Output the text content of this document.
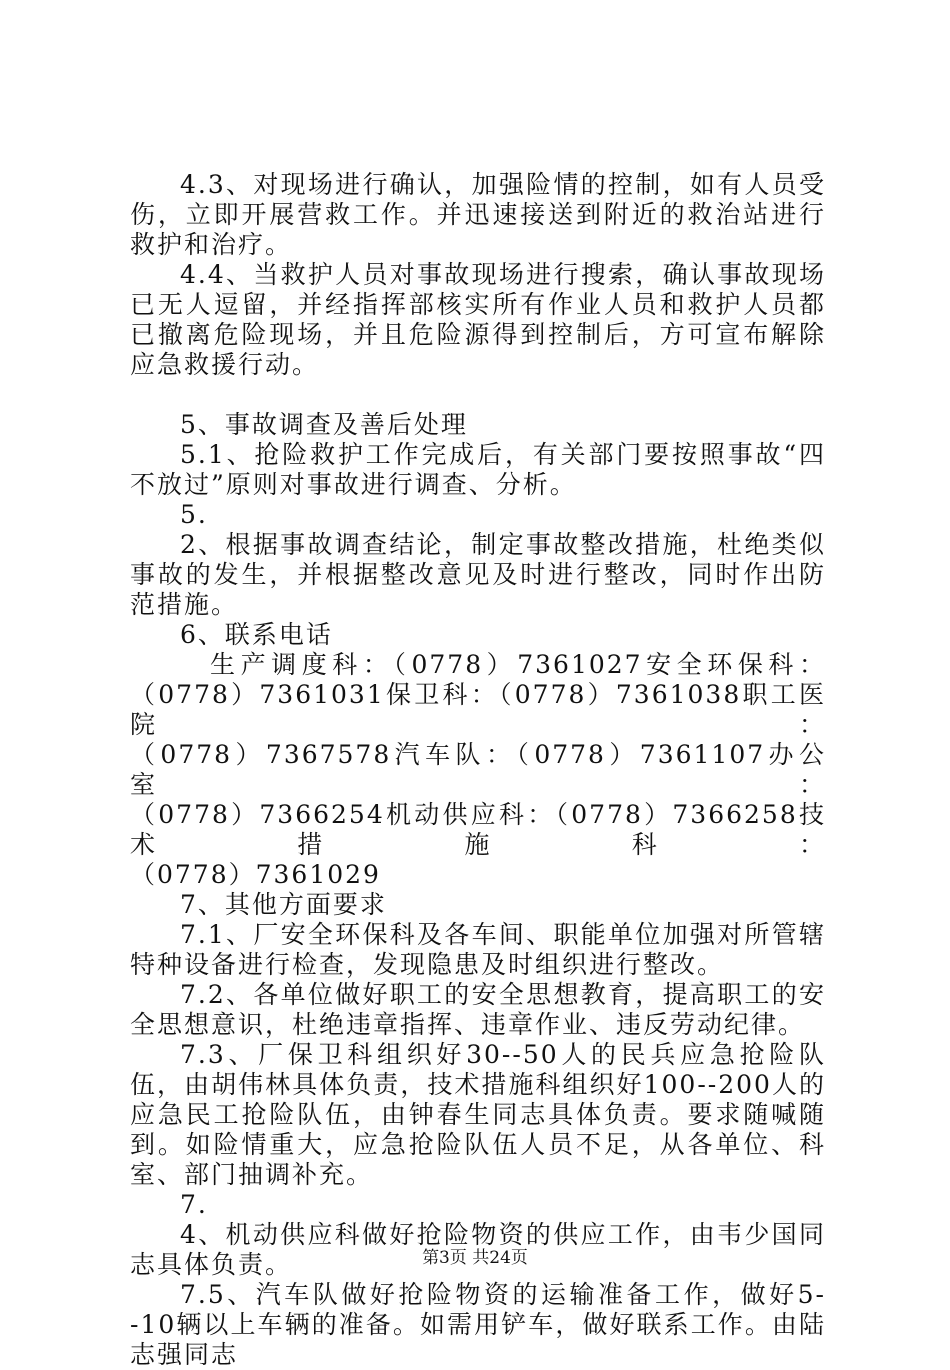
4.3、对现场进行确认，加强险情的控制，如有人员受伤，立即开展营救工作。并迅速接送到附近的救治站进行救护和治疗。

4.4、当救护人员对事故现场进行搜索，确认事故现场已无人逗留，并经指挥部核实所有作业人员和救护人员都已撤离危险现场，并且危险源得到控制后，方可宣布解除应急救援行动。

5、事故调查及善后处理

5.1、抢险救护工作完成后，有关部门要按照事故“四不放过”原则对事故进行调查、分析。

5.

2、根据事故调查结论，制定事故整改措施，杜绝类似事故的发生，并根据整改意见及时进行整改，同时作出防范措施。

6、联系电话

生产调度科：（0778）7361027安全环保科：

（0778）7361031保卫科：（0778）7361038职工医院：

（0778）7367578汽车队：（0778）7361107办公室：

（0778）7366254机动供应科：（0778）7366258技术措施科：

（0778）7361029

7、其他方面要求

7.1、厂安全环保科及各车间、职能单位加强对所管辖特种设备进行检查，发现隐患及时组织进行整改。

7.2、各单位做好职工的安全思想教育，提高职工的安全思想意识，杜绝违章指挥、违章作业、违反劳动纪律。

7.3、厂保卫科组织好30--50人的民兵应急抢险队伍，由胡伟林具体负责，技术措施科组织好100--200人的应急民工抢险队伍，由钟春生同志具体负责。要求随喊随到。如险情重大，应急抢险队伍人员不足，从各单位、科室、部门抽调补充。

7.

4、机动供应科做好抢险物资的供应工作，由韦少国同志具体负责。

7.5、汽车队做好抢险物资的运输准备工作，做好5--10辆以上车辆的准备。如需用铲车，做好联系工作。由陆志强同志

第3页 共24页
